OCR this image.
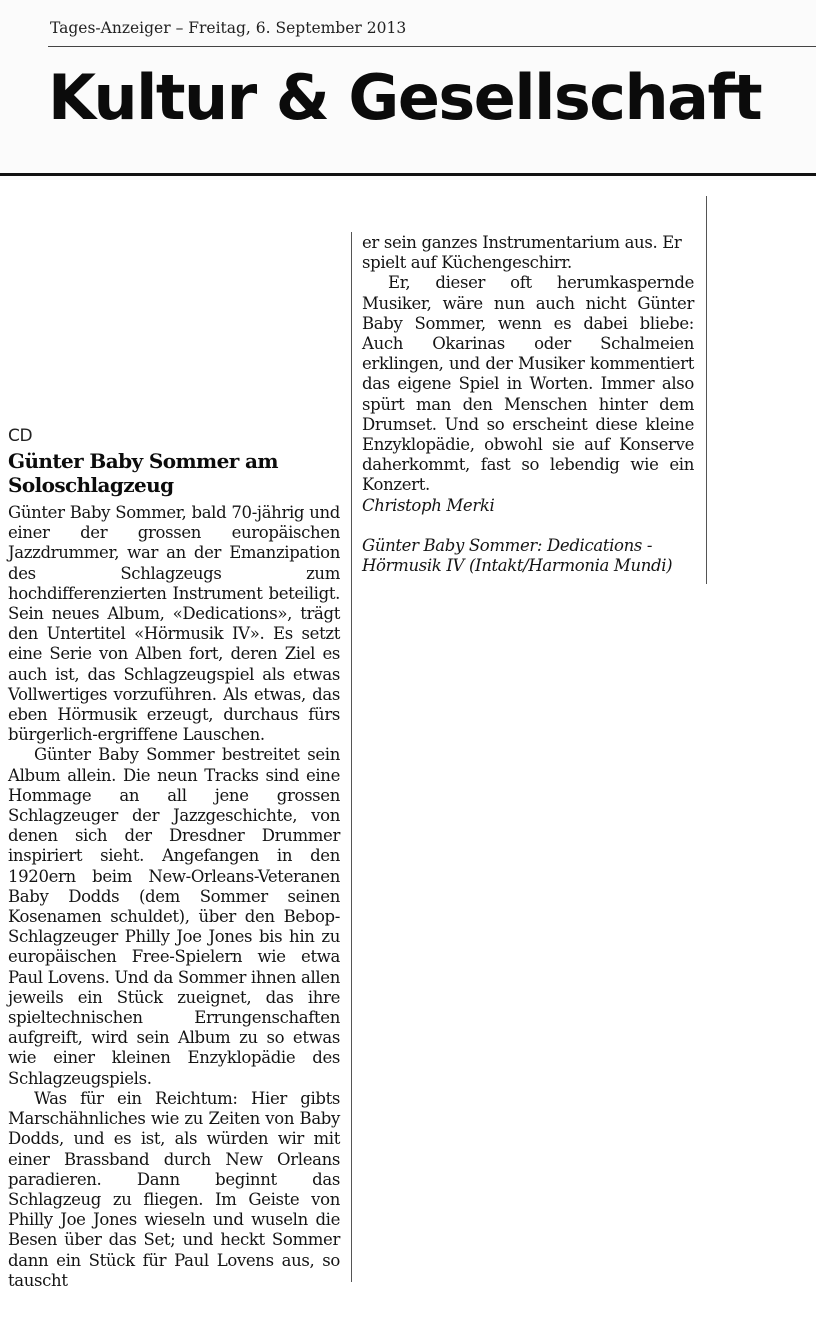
Tages-Anzeiger – Freitag, 6. September 2013
Kultur & Gesellschaft
CD
Günter Baby Sommer am Soloschlagzeug

Günter Baby Sommer, bald 70-jährig und einer der grossen europäischen Jazzdrummer, war an der Emanzipation des Schlagzeugs zum hochdifferenzierten Instrument beteiligt. Sein neues Album, «Dedications», trägt den Untertitel «Hörmusik IV». Es setzt eine Serie von Alben fort, deren Ziel es auch ist, das Schlagzeugspiel als etwas Vollwertiges vorzuführen. Als etwas, das eben Hörmusik erzeugt, durchaus fürs bürgerlich-ergriffene Lauschen.

Günter Baby Sommer bestreitet sein Album allein. Die neun Tracks sind eine Hommage an all jene grossen Schlagzeuger der Jazzgeschichte, von denen sich der Dresdner Drummer inspiriert sieht. Angefangen in den 1920ern beim New-Orleans-Veteranen Baby Dodds (dem Sommer seinen Kosenamen schuldet), über den Bebop-Schlagzeuger Philly Joe Jones bis hin zu europäischen Free-Spielern wie etwa Paul Lovens. Und da Sommer ihnen allen jeweils ein Stück zueignet, das ihre spieltechnischen Errungenschaften aufgreift, wird sein Album zu so etwas wie einer kleinen Enzyklopädie des Schlagzeugspiels.

Was für ein Reichtum: Hier gibts Marschähnliches wie zu Zeiten von Baby Dodds, und es ist, als würden wir mit einer Brassband durch New Orleans paradieren. Dann beginnt das Schlagzeug zu fliegen. Im Geiste von Philly Joe Jones wieseln und wuseln die Besen über das Set; und heckt Sommer dann ein Stück für Paul Lovens aus, so tauscht

er sein ganzes Instrumentarium aus. Er spielt auf Küchengeschirr.

Er, dieser oft herumkaspernde Musiker, wäre nun auch nicht Günter Baby Sommer, wenn es dabei bliebe: Auch Okarinas oder Schalmeien erklingen, und der Musiker kommentiert das eigene Spiel in Worten. Immer also spürt man den Menschen hinter dem Drumset. Und so erscheint diese kleine Enzyklopädie, obwohl sie auf Konserve daherkommt, fast so lebendig wie ein Konzert.

Christoph Merki

Günter Baby Sommer: Dedications - Hörmusik IV (Intakt/Harmonia Mundi)
